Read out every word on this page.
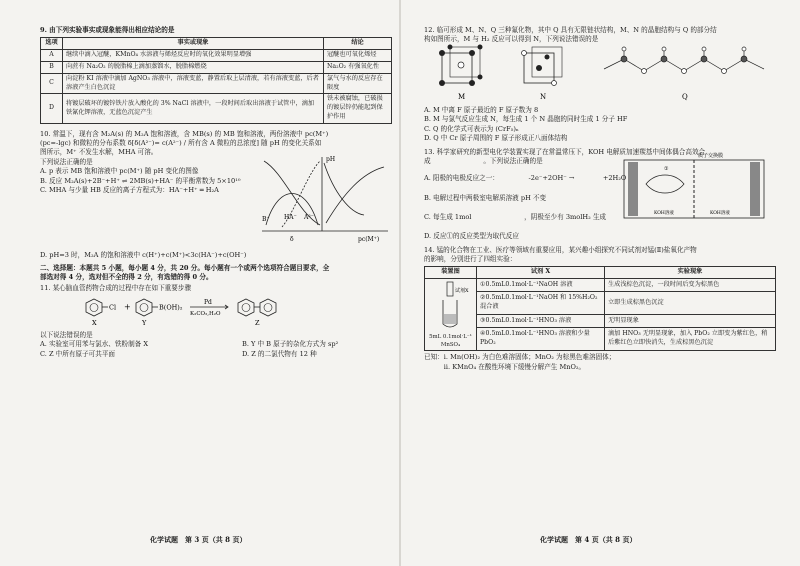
9. 由下列实验事实或现象能得出相应结论的是
选项	事实或现象	结论
A	继续中滴入冠醚，KMnO₄ 水溶液与烯烃反应时的氧化效果明显增强	冠醚也可氧化烯烃
B	向蔗有 Na₂O₂ 的脱脂棉上滴加蒸馏水，脱脂棉燃烧	Na₂O₂ 有强氧化性
C	向淀粉 KI 溶液中滴加 AgNO₃ 溶液中，溶液变蓝，静置后取上层清液，若有溶液变蓝，后者溶液产生白色沉淀	氯气与水的反应存在限度
D	将镀层破坏的镀锌铁片放入酸化的 3% NaCl 溶液中，一段时间后取出溶液于试管中，滴加铁氰化钾溶液，无蓝色沉淀产生	铁未被腐蚀，已破损的镀层锌仍能起到保护作用
10. 常温下，现有含 M₂A(s) 的 M₂A 饱和溶液，含 MB(s) 的 MB 饱和溶液，两份溶液中 pc(M⁺)
(pc=-lgc) 和微粒的分布系数 δ[δ(A²⁻)= c(A²⁻) / 所有含 A 微粒的总浓度] 随 pH 的变化关系如
图所示，M⁺ 不发生水解，MHA 可溶。
下列说法正确的是
A. p 表示 MB 饱和溶液中 pc(M⁺) 随 pH 变化的图像
B. 反应 M₂A(s)+2B⁻+H⁺ ⇌ 2MB(s)+HA⁻ 的平衡常数为 5×10¹⁰
C. MHA 与少量 HB 反应的离子方程式为：HA⁻+H⁺ ═ H₂A
pH
pc(M⁺)
B⁻ HA⁻ A²⁻
δ
D. pH=3 时，M₂A 的饱和溶液中 c(H⁺)+c(M⁺)<3c(HA⁻)+c(OH⁻)
二、选择题：本题共 5 小题，每小题 4 分，共 20 分。每小题有一个或两个选项符合题目要求，全
部选对得 4 分，选对但不全的得 2 分，有选错的得 0 分。
11. 某心脑血管药物合成的过程中存在如下重要步骤
Cl +	B(OH)₂
Pd
K₂CO₃,H₂O
X	Y	Z
以下说法错误的是
A. 实验室可用苯与氯水、铁粉制备 X	B. Y 中 B 原子的杂化方式为 sp²
C. Z 中所有原子可共平面	D. Z 的二氯代物有 12 种
化学试题　第 3 页（共 8 页）
12. 临可形成 M、N、Q 三种氟化物，其中 Q 具有无限链状结构，M、N 的晶胞结构与 Q 的部分结
构如图所示，M 与 H₂ 反应可以得到 N，下列说法错误的是
M	N	Q
A. M 中离 F 原子最近的 F 原子数为 8
B. M 与氯气反应生成 N，每生成 1 个 N 晶胞的同时生成 1 分子 HF
C. Q 的化学式可表示为 (CrF₅)ₙ
D. Q 中 Cr 原子周围的 F 原子形成正八面体结构
13. 科学家研究的新型电化学装置实现了在常温常压下，KOH 电解质加速羰基中间体偶合高效合
成　　　　　　　　。下列说法正确的是
A. 阳极的电极反应之一：　　　　　-2e⁻+2OH⁻ → 　　　　+2H₂O
B. 电解过程中两极室电解质溶液 pH 不变
C. 每生成 1mol　　　　　　　　，阴极至少有 3molH₂ 生成
D. 反应①的反应类型为取代反应
质子交换膜
KOH溶液	KOH溶液
①
14. 锰的化合物在工业、医疗等领域有重要应用，某兴趣小组探究不同试剂对锰(Ⅱ)盐氧化产物
的影响，分别进行了四组实验：
装置图	试剂 X	实验现象

试剂X
5mL 0.1mol·L⁻¹ MnSO₄	①0.5mL0.1mol·L⁻¹NaOH 溶液	生成浅棕色沉淀，一段时间后变为棕黑色
	②0.5mL0.1mol·L⁻¹NaOH 和 15%H₂O₂ 混合液	立即生成棕黑色沉淀
	③0.5mL0.1mol·L⁻¹HNO₃ 溶液	无明显现象
	④0.5mL0.1mol·L⁻¹HNO₃ 溶液和少量 PbO₂	滴加 HNO₃ 无明显现象，加入 PbO₂ 立即变为紫红色，稍后紫红色立即快消失，生成棕黑色沉淀
已知：ⅰ. Mn(OH)₂ 为白色难溶固体；MnO₂ 为棕黑色难溶固体；
　　　ⅱ. KMnO₄ 在酸性环境下缓慢分解产生 MnO₂。
化学试题　第 4 页（共 8 页）
